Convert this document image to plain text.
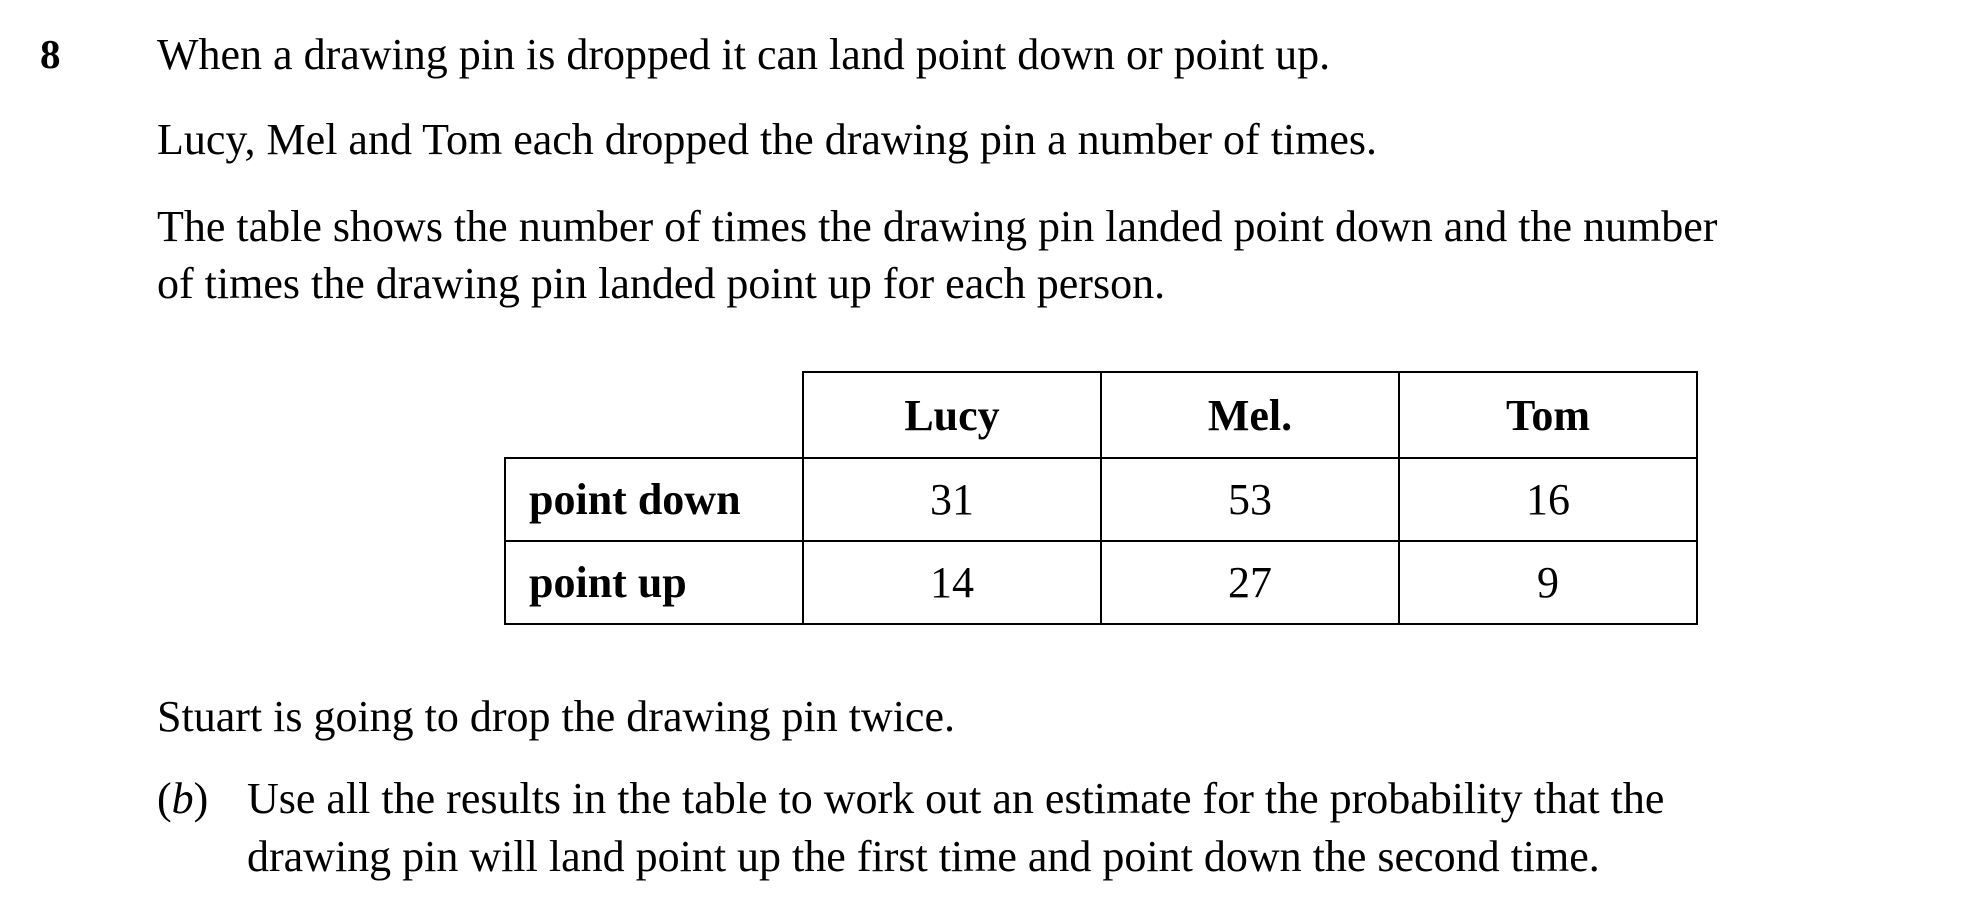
8 When a drawing pin is dropped it can land point down or point up.
Lucy, Mel and Tom each dropped the drawing pin a number of times.
The table shows the number of times the drawing pin landed point down and the number
of times the drawing pin landed point up for each person.
	Lucy	Mel.	Tom
point down	31	53	16
point up	14	27	9
Stuart is going to drop the drawing pin twice.
(b) Use all the results in the table to work out an estimate for the probability that the
drawing pin will land point up the first time and point down the second time.
